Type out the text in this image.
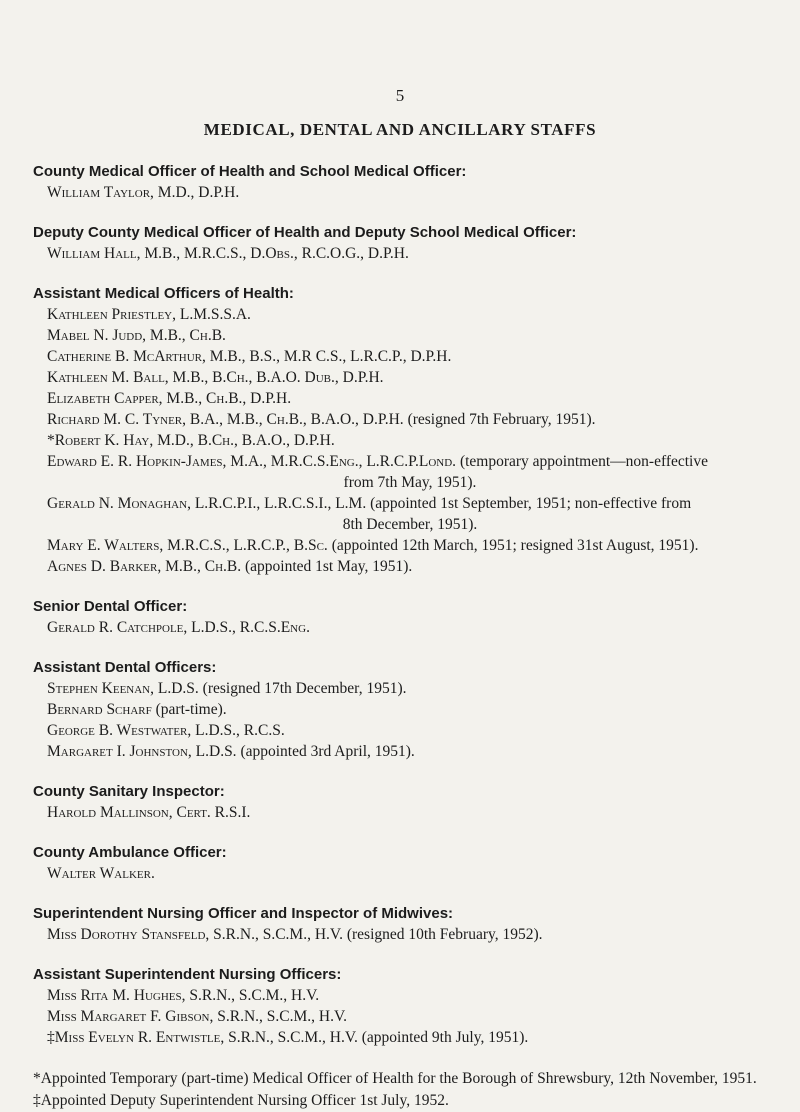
5
MEDICAL, DENTAL AND ANCILLARY STAFFS
County Medical Officer of Health and School Medical Officer:
William Taylor, M.D., D.P.H.
Deputy County Medical Officer of Health and Deputy School Medical Officer:
William Hall, M.B., M.R.C.S., D.Obs., R.C.O.G., D.P.H.
Assistant Medical Officers of Health:
Kathleen Priestley, L.M.S.S.A.
Mabel N. Judd, M.B., Ch.B.
Catherine B. McArthur, M.B., B.S., M.R C.S., L.R.C.P., D.P.H.
Kathleen M. Ball, M.B., B.Ch., B.A.O. Dub., D.P.H.
Elizabeth Capper, M.B., Ch.B., D.P.H.
Richard M. C. Tyner, B.A., M.B., Ch.B., B.A.O., D.P.H. (resigned 7th February, 1951).
*Robert K. Hay, M.D., B.Ch., B.A.O., D.P.H.
Edward E. R. Hopkin-James, M.A., M.R.C.S.Eng., L.R.C.P.Lond. (temporary appointment—non-effective
from 7th May, 1951).
Gerald N. Monaghan, L.R.C.P.I., L.R.C.S.I., L.M. (appointed 1st September, 1951; non-effective from
8th December, 1951).
Mary E. Walters, M.R.C.S., L.R.C.P., B.Sc. (appointed 12th March, 1951; resigned 31st August, 1951).
Agnes D. Barker, M.B., Ch.B. (appointed 1st May, 1951).
Senior Dental Officer:
Gerald R. Catchpole, L.D.S., R.C.S.Eng.
Assistant Dental Officers:
Stephen Keenan, L.D.S. (resigned 17th December, 1951).
Bernard Scharf (part-time).
George B. Westwater, L.D.S., R.C.S.
Margaret I. Johnston, L.D.S. (appointed 3rd April, 1951).
County Sanitary Inspector:
Harold Mallinson, Cert. R.S.I.
County Ambulance Officer:
Walter Walker.
Superintendent Nursing Officer and Inspector of Midwives:
Miss Dorothy Stansfeld, S.R.N., S.C.M., H.V. (resigned 10th February, 1952).
Assistant Superintendent Nursing Officers:
Miss Rita M. Hughes, S.R.N., S.C.M., H.V.
Miss Margaret F. Gibson, S.R.N., S.C.M., H.V.
‡Miss Evelyn R. Entwistle, S.R.N., S.C.M., H.V. (appointed 9th July, 1951).
*Appointed Temporary (part-time) Medical Officer of Health for the Borough of Shrewsbury, 12th November, 1951.
‡Appointed Deputy Superintendent Nursing Officer 1st July, 1952.
